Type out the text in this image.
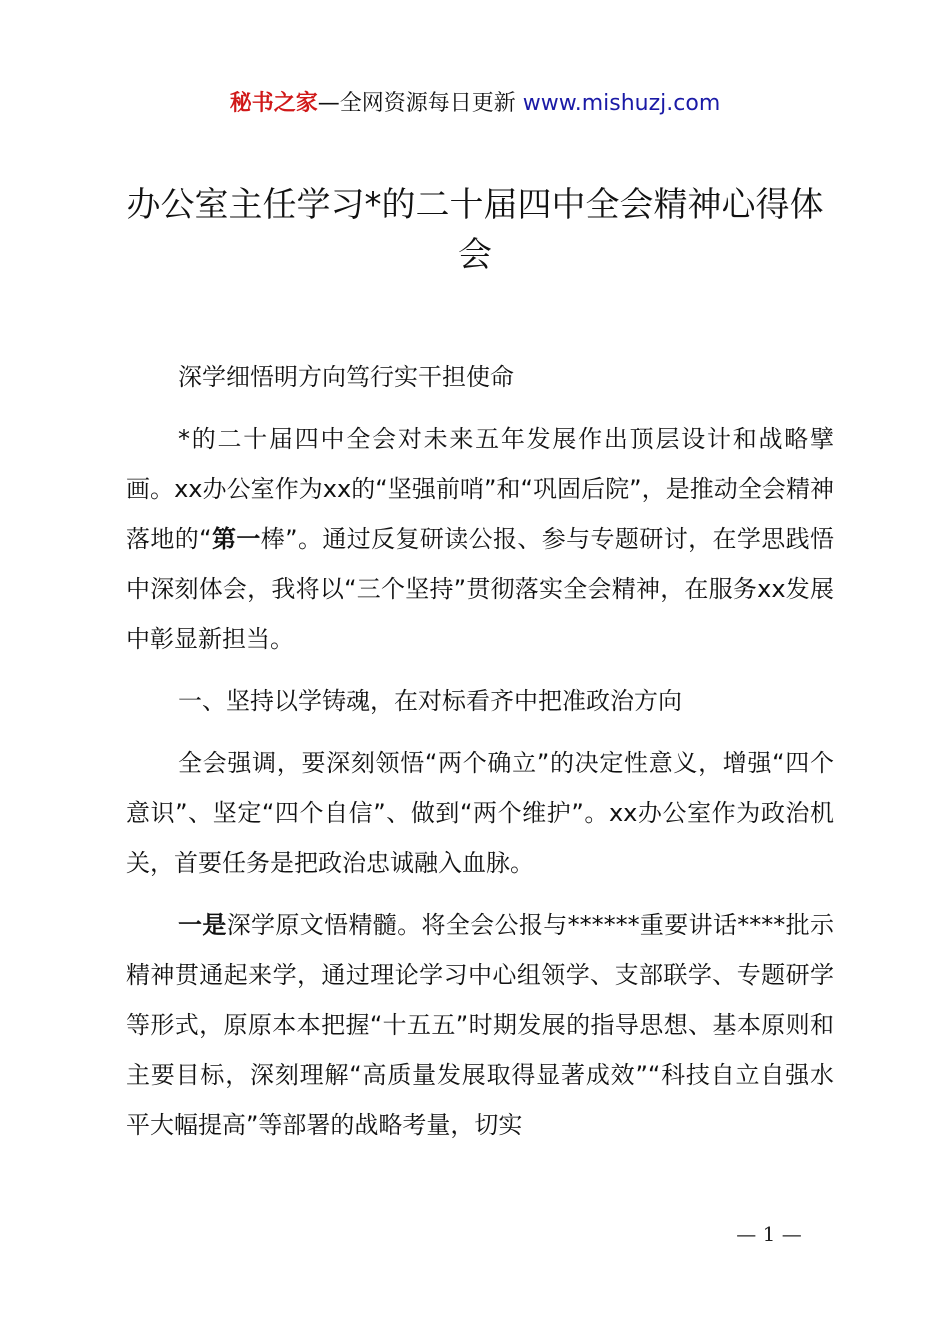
秘书之家—全网资源每日更新 www.mishuzj.com
办公室主任学习*的二十届四中全会精神心得体会

深学细悟明方向笃行实干担使命

*的二十届四中全会对未来五年发展作出顶层设计和战略擘画。xx办公室作为xx的“坚强前哨”和“巩固后院”，是推动全会精神落地的“第一棒”。通过反复研读公报、参与专题研讨，在学思践悟中深刻体会，我将以“三个坚持”贯彻落实全会精神，在服务xx发展中彰显新担当。

一、坚持以学铸魂，在对标看齐中把准政治方向

全会强调，要深刻领悟“两个确立”的决定性意义，增强“四个意识”、坚定“四个自信”、做到“两个维护”。xx办公室作为政治机关，首要任务是把政治忠诚融入血脉。

一是深学原文悟精髓。将全会公报与******重要讲话****批示精神贯通起来学，通过理论学习中心组领学、支部联学、专题研学等形式，原原本本把握“十五五”时期发展的指导思想、基本原则和主要目标，深刻理解“高质量发展取得显著成效”“科技自立自强水平大幅提高”等部署的战略考量，切实

— 1 —
